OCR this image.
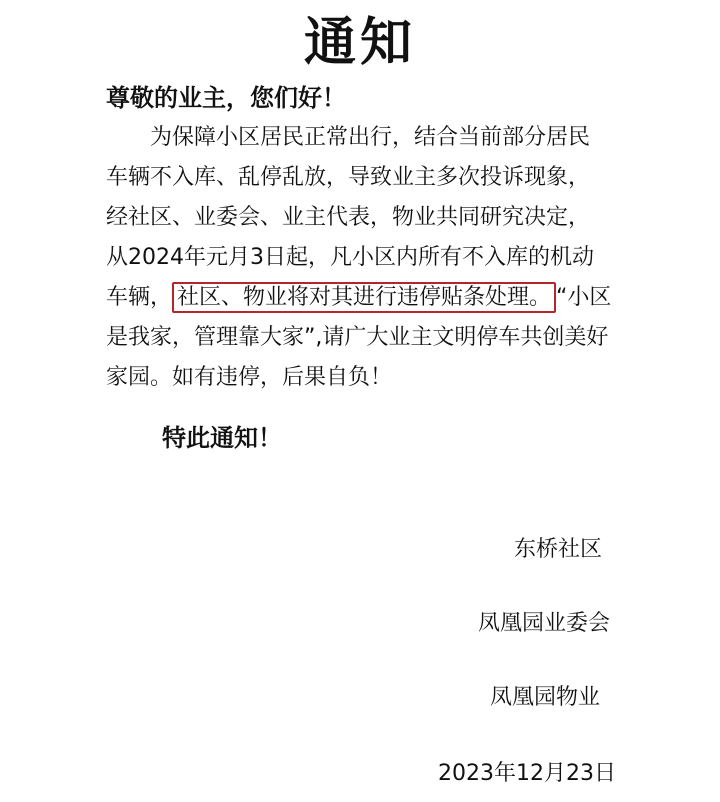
通知
尊敬的业主，您们好！
　　为保障小区居民正常出行，结合当前部分居民
车辆不入库、乱停乱放，导致业主多次投诉现象，
经社区、业委会、业主代表，物业共同研究决定，
从2024年元月3日起，凡小区内所有不入库的机动
车辆， 社区、物业将对其进行违停贴条处理。 “小区
是我家，管理靠大家”,请广大业主文明停车共创美好
家园。如有违停，后果自负！
特此通知！
东桥社区
凤凰园业委会
凤凰园物业
2023年12月23日
